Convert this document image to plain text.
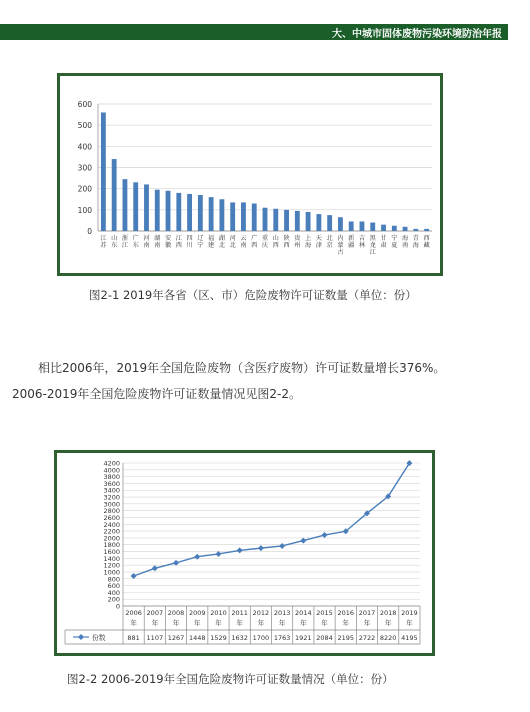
大、中城市固体废物污染环境防治年报
0
100
200
300
400
500
600
江苏
山东
浙江
广东
河南
湖南
安徽
江西
四川
辽宁
福建
湖北
河北
云南
广西
重庆
山西
陕西
贵州
上海
天津
北京
内蒙古
新疆
吉林
黑龙江
甘肃
宁夏
海南
青海
西藏
图2-1 2019年各省（区、市）危险废物许可证数量（单位：份）
相比2006年，2019年全国危险废物（含医疗废物）许可证数量增长376%。
2006-2019年全国危险废物许可证数量情况见图2-2。
0
200
400
600
800
1000
1200
1400
1600
1800
2000
2200
2400
2600
2800
3000
3200
3400
3600
3800
4000
4200
2006
年
881
2007
年
1107
2008
年
1267
2009
年
1448
2010
年
1529
2011
年
1632
2012
年
1700
2013
年
1763
2014
年
1921
2015
年
2084
2016
年
2195
2017
年
2722
2018
年
8220
2019
年
4195
份数
图2-2 2006-2019年全国危险废物许可证数量情况（单位：份）
